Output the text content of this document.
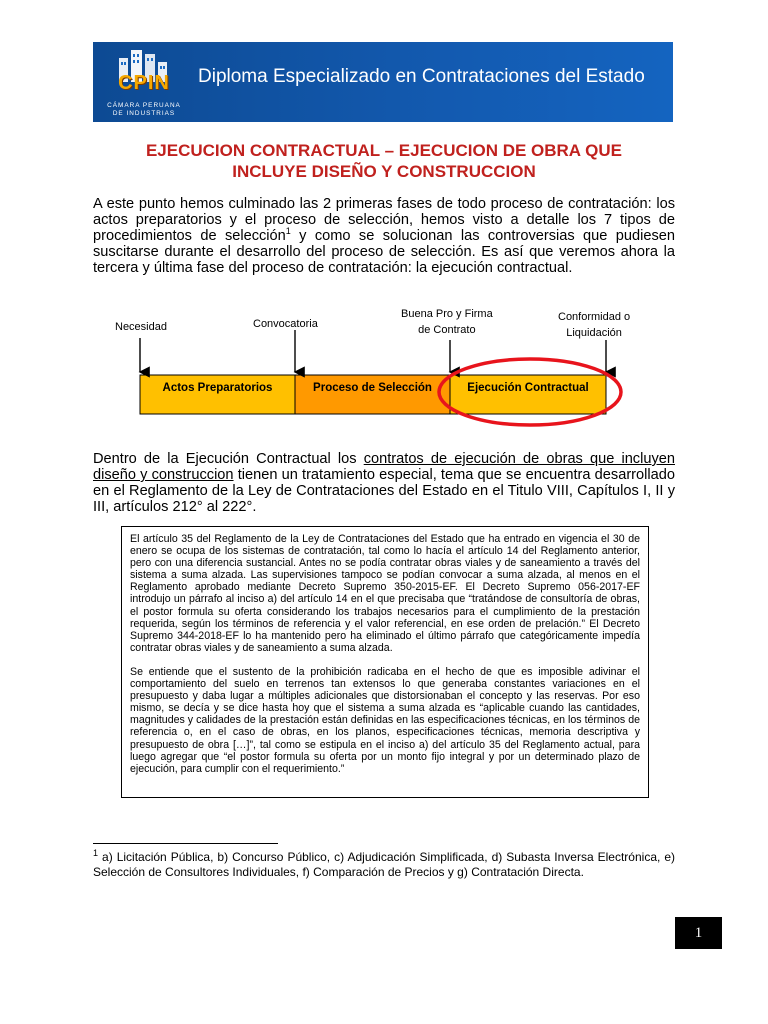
CPIN
CÁMARA PERUANA
DE INDUSTRIAS
Diploma Especializado en Contrataciones del Estado
EJECUCION CONTRACTUAL – EJECUCION DE OBRA QUE
INCLUYE DISEÑO Y CONSTRUCCION
A este punto hemos culminado las 2 primeras fases de todo proceso de contratación: los actos preparatorios y el proceso de selección, hemos visto a detalle los 7 tipos de procedimientos de selección$^1$ y como se solucionan las controversias que pudiesen suscitarse durante el desarrollo del proceso de selección. Es así que veremos ahora la tercera y última fase del proceso de contratación: la ejecución contractual.
Necesidad	Convocatoria
Buena Pro y Firma
de Contrato
Conformidad o
Liquidación
Actos Preparatorios	Proceso de Selección	Ejecución Contractual
Dentro de la Ejecución Contractual los contratos de ejecución de obras que incluyen diseño y construccion tienen un tratamiento especial, tema que se encuentra desarrollado en el Reglamento de la Ley de Contrataciones del Estado en el Titulo VIII, Capítulos I, II y III, artículos 212° al 222°.

El artículo 35 del Reglamento de la Ley de Contrataciones del Estado que ha entrado en vigencia el 30 de enero se ocupa de los sistemas de contratación, tal como lo hacía el artículo 14 del Reglamento anterior, pero con una diferencia sustancial. Antes no se podía contratar obras viales y de saneamiento a través del sistema a suma alzada. Las supervisiones tampoco se podían convocar a suma alzada, al menos en el Reglamento aprobado mediante Decreto Supremo 350-2015-EF. El Decreto Supremo 056-2017-EF introdujo un párrafo al inciso a) del artículo 14 en el que precisaba que “tratándose de consultoría de obras, el postor formula su oferta considerando los trabajos necesarios para el cumplimiento de la prestación requerida, según los términos de referencia y el valor referencial, en ese orden de prelación.” El Decreto Supremo 344-2018-EF lo ha mantenido pero ha eliminado el último párrafo que categóricamente impedía contratar obras viales y de saneamiento a suma alzada.

Se entiende que el sustento de la prohibición radicaba en el hecho de que es imposible adivinar el comportamiento del suelo en terrenos tan extensos lo que generaba constantes variaciones en el presupuesto y daba lugar a múltiples adicionales que distorsionaban el concepto y las reservas. Por eso mismo, se decía y se dice hasta hoy que el sistema a suma alzada es “aplicable cuando las cantidades, magnitudes y calidades de la prestación están definidas en las especificaciones técnicas, en los términos de referencia o, en el caso de obras, en los planos, especificaciones técnicas, memoria descriptiva y presupuesto de obra […]”, tal como se estipula en el inciso a) del artículo 35 del Reglamento actual, para luego agregar que “el postor formula su oferta por un monto fijo integral y por un determinado plazo de ejecución, para cumplir con el requerimiento.”

$^1$ a) Licitación Pública, b) Concurso Público, c) Adjudicación Simplificada, d) Subasta Inversa Electrónica, e) Selección de Consultores Individuales, f) Comparación de Precios y g) Contratación Directa.
1
